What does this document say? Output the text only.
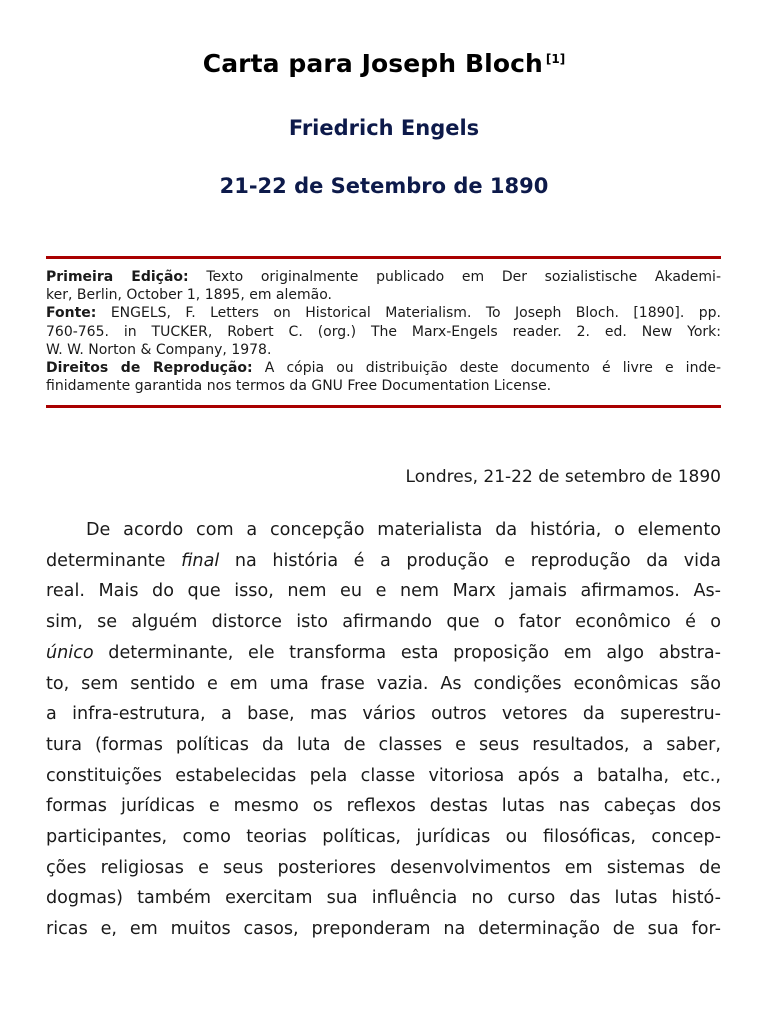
Carta para Joseph Bloch [1]
Friedrich Engels
21-22 de Setembro de 1890
Primeira Edição: Texto originalmente publicado em Der sozialistische Akademi-
ker, Berlin, October 1, 1895, em alemão.
Fonte: ENGELS, F. Letters on Historical Materialism. To Joseph Bloch. [1890]. pp.
760-765. in TUCKER, Robert C. (org.) The Marx-Engels reader. 2. ed. New York:
W. W. Norton & Company, 1978.
Direitos de Reprodução: A cópia ou distribuição deste documento é livre e inde-
finidamente garantida nos termos da GNU Free Documentation License.
Londres, 21-22 de setembro de 1890
De acordo com a concepção materialista da história, o elemento
determinante final na história é a produção e reprodução da vida
real. Mais do que isso, nem eu e nem Marx jamais afirmamos. As-
sim, se alguém distorce isto afirmando que o fator econômico é o
único determinante, ele transforma esta proposição em algo abstra-
to, sem sentido e em uma frase vazia. As condições econômicas são
a infra-estrutura, a base, mas vários outros vetores da superestru-
tura (formas políticas da luta de classes e seus resultados, a saber,
constituições estabelecidas pela classe vitoriosa após a batalha, etc.,
formas jurídicas e mesmo os reflexos destas lutas nas cabeças dos
participantes, como teorias políticas, jurídicas ou filosóficas, concep-
ções religiosas e seus posteriores desenvolvimentos em sistemas de
dogmas) também exercitam sua influência no curso das lutas histó-
ricas e, em muitos casos, preponderam na determinação de sua for-
